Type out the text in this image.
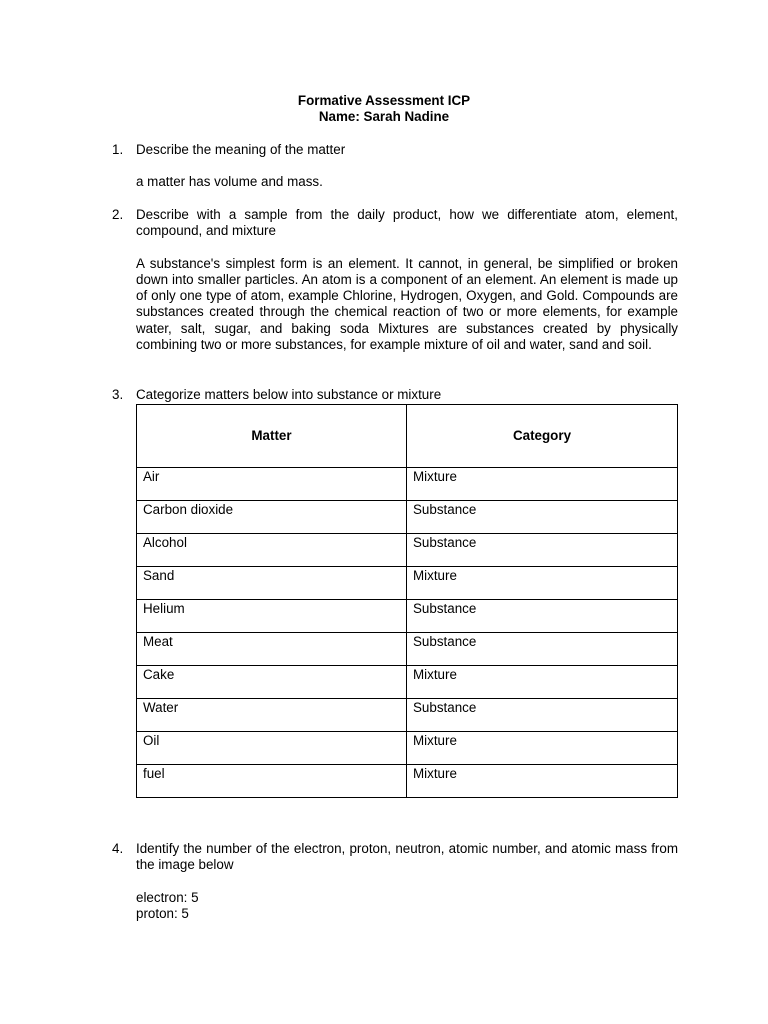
Formative Assessment ICP
Name: Sarah Nadine
1. Describe the meaning of the matter
a matter has volume and mass.
2. Describe with a sample from the daily product, how we differentiate atom, element, compound, and mixture
A substance's simplest form is an element. It cannot, in general, be simplified or broken down into smaller particles. An atom is a component of an element. An element is made up of only one type of atom, example Chlorine, Hydrogen, Oxygen, and Gold. Compounds are substances created through the chemical reaction of two or more elements, for example water, salt, sugar, and baking soda Mixtures are substances created by physically combining two or more substances, for example mixture of oil and water, sand and soil.
3. Categorize matters below into substance or mixture
Matter	Category
Air	Mixture
Carbon dioxide	Substance
Alcohol	Substance
Sand	Mixture
Helium	Substance
Meat	Substance
Cake	Mixture
Water	Substance
Oil	Mixture
fuel	Mixture
4. Identify the number of the electron, proton, neutron, atomic number, and atomic mass from the image below
electron: 5
proton: 5
